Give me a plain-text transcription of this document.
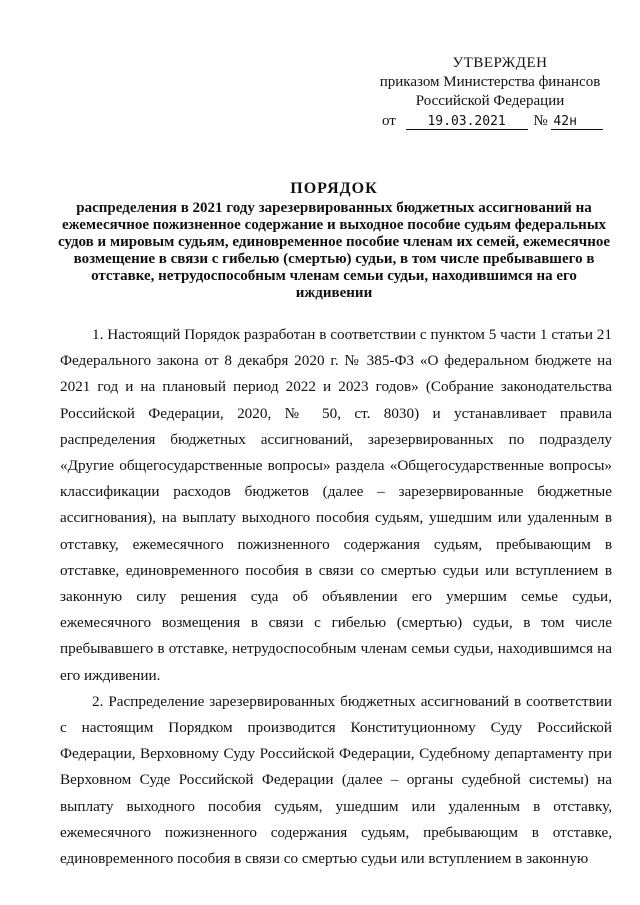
УТВЕРЖДЕН
приказом Министерства финансов
Российской Федерации
от 19.03.2021 № 42н
ПОРЯДОК
распределения в 2021 году зарезервированных бюджетных ассигнований на ежемесячное пожизненное содержание и выходное пособие судьям федеральных судов и мировым судьям, единовременное пособие членам их семей, ежемесячное возмещение в связи с гибелью (смертью) судьи, в том числе пребывавшего в отставке, нетрудоспособным членам семьи судьи, находившимся на его иждивении

1. Настоящий Порядок разработан в соответствии с пунктом 5 части 1 статьи 21 Федерального закона от 8 декабря 2020 г. № 385-ФЗ «О федеральном бюджете на 2021 год и на плановый период 2022 и 2023 годов» (Собрание законодательства Российской Федерации, 2020, № 50, ст. 8030) и устанавливает правила распределения бюджетных ассигнований, зарезервированных по подразделу «Другие общегосударственные вопросы» раздела «Общегосударственные вопросы» классификации расходов бюджетов (далее – зарезервированные бюджетные ассигнования), на выплату выходного пособия судьям, ушедшим или удаленным в отставку, ежемесячного пожизненного содержания судьям, пребывающим в отставке, единовременного пособия в связи со смертью судьи или вступлением в законную силу решения суда об объявлении его умершим семье судьи, ежемесячного возмещения в связи с гибелью (смертью) судьи, в том числе пребывавшего в отставке, нетрудоспособным членам семьи судьи, находившимся на его иждивении.

2. Распределение зарезервированных бюджетных ассигнований в соответствии с настоящим Порядком производится Конституционному Суду Российской Федерации, Верховному Суду Российской Федерации, Судебному департаменту при Верховном Суде Российской Федерации (далее – органы судебной системы) на выплату выходного пособия судьям, ушедшим или удаленным в отставку, ежемесячного пожизненного содержания судьям, пребывающим в отставке, единовременного пособия в связи со смертью судьи или вступлением в законную
